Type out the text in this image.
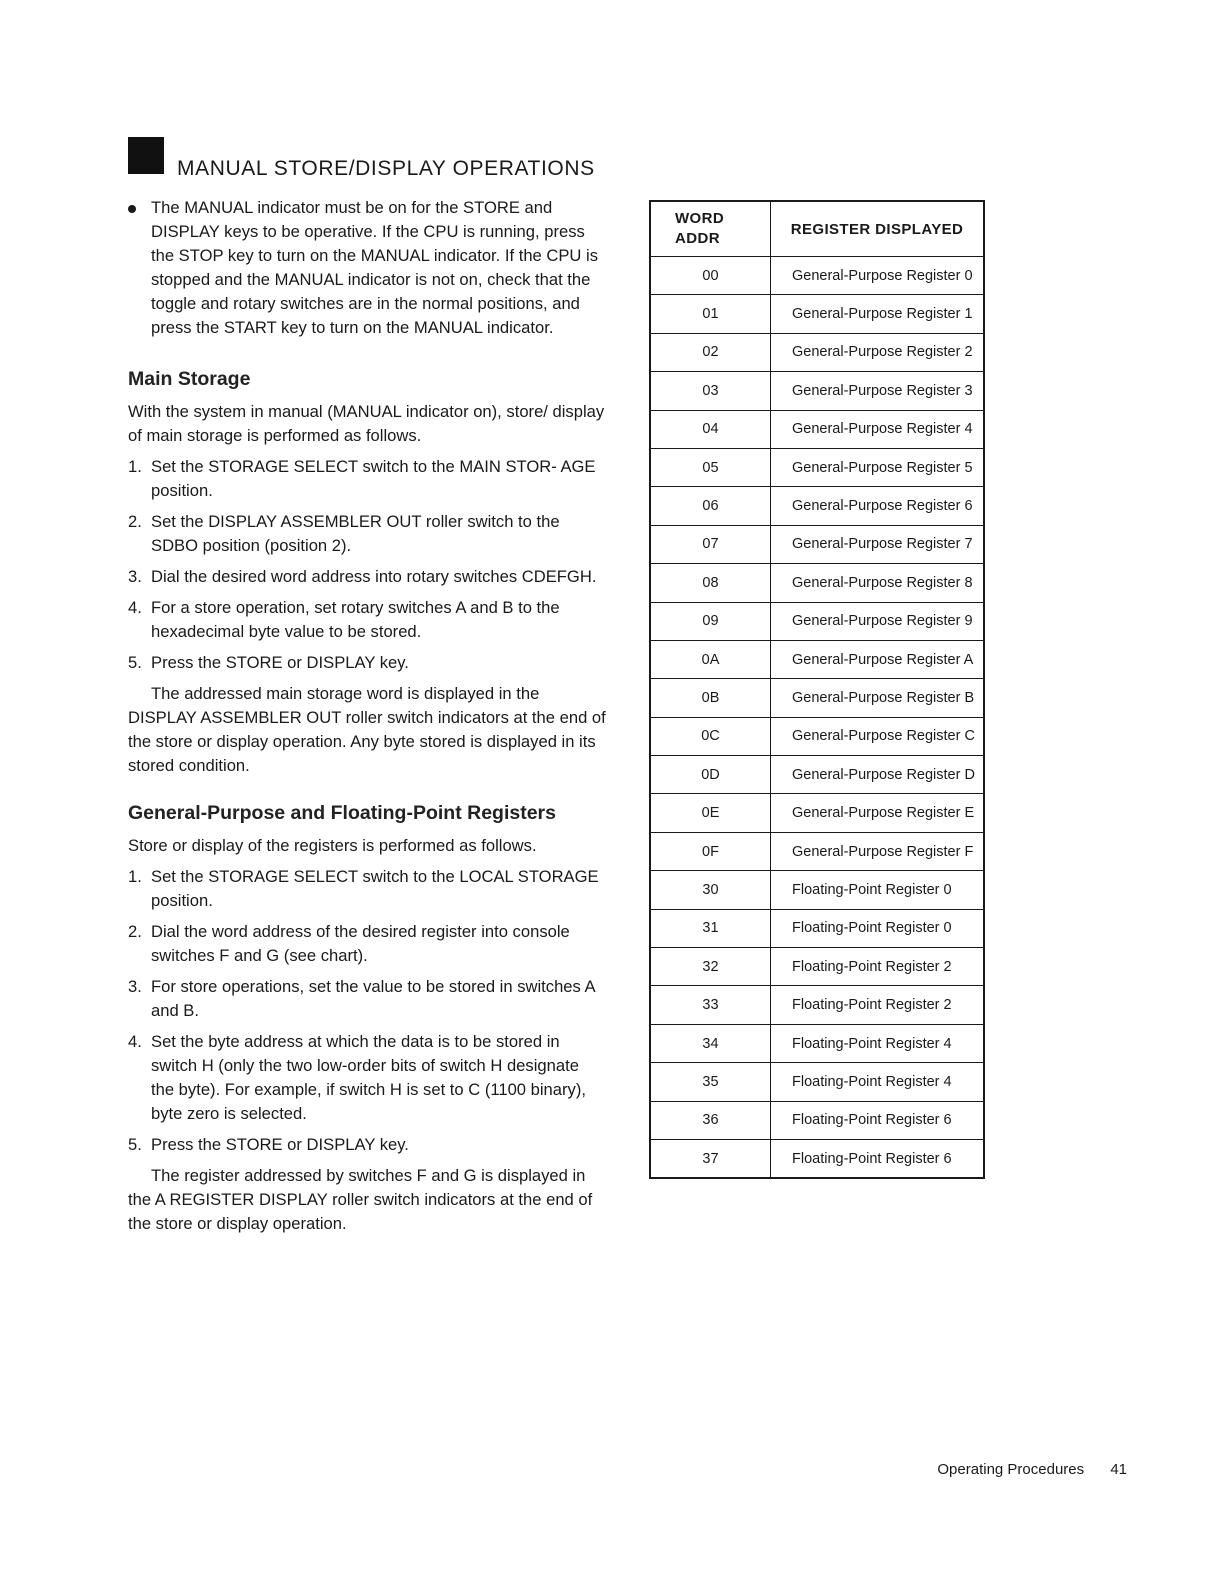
MANUAL STORE/DISPLAY OPERATIONS
The MANUAL indicator must be on for the STORE and DISPLAY keys to be operative. If the CPU is running, press the STOP key to turn on the MANUAL indicator. If the CPU is stopped and the MANUAL indicator is not on, check that the toggle and rotary switches are in the normal positions, and press the START key to turn on the MANUAL indicator.
Main Storage

With the system in manual (MANUAL indicator on), store/ display of main storage is performed as follows.

1. Set the STORAGE SELECT switch to the MAIN STOR- AGE position.
2. Set the DISPLAY ASSEMBLER OUT roller switch to the SDBO position (position 2).
3. Dial the desired word address into rotary switches CDEFGH.
4. For a store operation, set rotary switches A and B to the hexadecimal byte value to be stored.
5. Press the STORE or DISPLAY key.

The addressed main storage word is displayed in the DISPLAY ASSEMBLER OUT roller switch indicators at the end of the store or display operation. Any byte stored is displayed in its stored condition.

General-Purpose and Floating-Point Registers

Store or display of the registers is performed as follows.

1. Set the STORAGE SELECT switch to the LOCAL STORAGE position.
2. Dial the word address of the desired register into console switches F and G (see chart).
3. For store operations, set the value to be stored in switches A and B.
4. Set the byte address at which the data is to be stored in switch H (only the two low-order bits of switch H designate the byte). For example, if switch H is set to C (1100 binary), byte zero is selected.
5. Press the STORE or DISPLAY key.

The register addressed by switches F and G is displayed in the A REGISTER DISPLAY roller switch indicators at the end of the store or display operation.

WORD
ADDR	REGISTER DISPLAYED
00	General-Purpose Register 0
01	General-Purpose Register 1
02	General-Purpose Register 2
03	General-Purpose Register 3
04	General-Purpose Register 4
05	General-Purpose Register 5
06	General-Purpose Register 6
07	General-Purpose Register 7
08	General-Purpose Register 8
09	General-Purpose Register 9
0A	General-Purpose Register A
0B	General-Purpose Register B
0C	General-Purpose Register C
0D	General-Purpose Register D
0E	General-Purpose Register E
0F	General-Purpose Register F
30	Floating-Point Register 0
31	Floating-Point Register 0
32	Floating-Point Register 2
33	Floating-Point Register 2
34	Floating-Point Register 4
35	Floating-Point Register 4
36	Floating-Point Register 6
37	Floating-Point Register 6
Operating Procedures 41
